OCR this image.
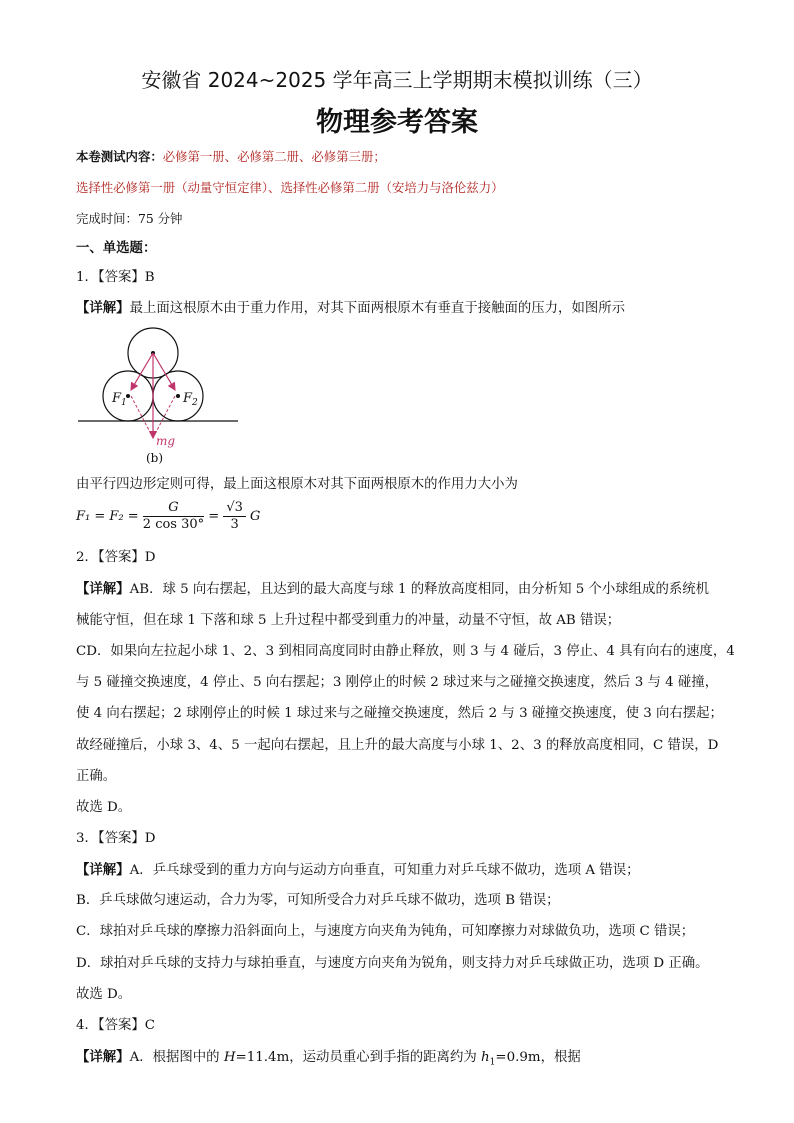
安徽省 2024~2025 学年高三上学期期末模拟训练（三）
物理参考答案
本卷测试内容：必修第一册、必修第二册、必修第三册；
选择性必修第一册（动量守恒定律）、选择性必修第二册（安培力与洛伦兹力）
完成时间：75 分钟
一、单选题：
1．【答案】B
【详解】最上面这根原木由于重力作用，对其下面两根原木有垂直于接触面的压力，如图所示
$F_1$	$F_2$
mg
(b)
由平行四边形定则可得，最上面这根原木对其下面两根原木的作用力大小为
$F_1 = F_2 = \frac{G}{2 \cos 30^\circ} = \frac{√3}{3}$ G
2．【答案】D
【详解】AB．球 5 向右摆起，且达到的最大高度与球 1 的释放高度相同，由分析知 5 个小球组成的系统机
械能守恒，但在球 1 下落和球 5 上升过程中都受到重力的冲量，动量不守恒，故 AB 错误；
CD．如果向左拉起小球 1、2、3 到相同高度同时由静止释放，则 3 与 4 碰后，3 停止、4 具有向右的速度，4
与 5 碰撞交换速度，4 停止、5 向右摆起；3 刚停止的时候 2 球过来与之碰撞交换速度，然后 3 与 4 碰撞，
使 4 向右摆起；2 球刚停止的时候 1 球过来与之碰撞交换速度，然后 2 与 3 碰撞交换速度，使 3 向右摆起；
故经碰撞后，小球 3、4、5 一起向右摆起，且上升的最大高度与小球 1、2、3 的释放高度相同，C 错误，D
正确。
故选 D。
3．【答案】D
【详解】A．乒乓球受到的重力方向与运动方向垂直，可知重力对乒乓球不做功，选项 A 错误；
B．乒乓球做匀速运动，合力为零，可知所受合力对乒乓球不做功，选项 B 错误；
C．球拍对乒乓球的摩擦力沿斜面向上，与速度方向夹角为钝角，可知摩擦力对球做负功，选项 C 错误；
D．球拍对乒乓球的支持力与球拍垂直，与速度方向夹角为锐角，则支持力对乒乓球做正功，选项 D 正确。
故选 D。
4．【答案】C
【详解】A．根据图中的 H=11.4m，运动员重心到手指的距离约为 $h_1=0.9m$，根据
